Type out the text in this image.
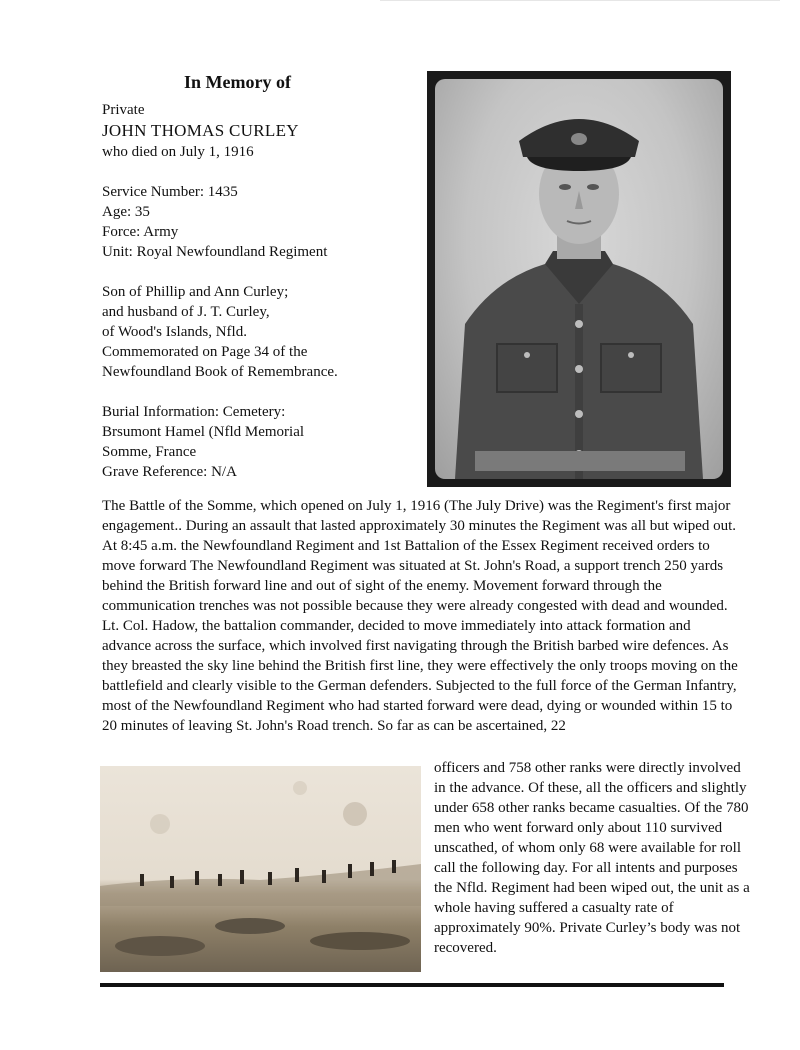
In Memory of
Private
JOHN THOMAS CURLEY
who died on July 1, 1916
Service Number: 1435
Age: 35
Force: Army
Unit: Royal Newfoundland Regiment
Son of Phillip and Ann Curley;
and husband of J. T. Curley,
of Wood's Islands, Nfld.
Commemorated on Page 34 of the
Newfoundland Book of Remembrance.
Burial Information: Cemetery:
Brsumont Hamel (Nfld Memorial
Somme, France
Grave Reference: N/A

The Battle of the Somme, which opened on July 1, 1916 (The July Drive) was the Regiment's first major engagement.. During an assault that lasted approximately 30 minutes the Regiment was all but wiped out. At 8:45 a.m. the Newfoundland Regiment and 1st Battalion of the Essex Regiment received orders to move forward The Newfoundland Regiment was situated at St. John's Road, a support trench 250 yards behind the British forward line and out of sight of the enemy. Movement forward through the communication trenches was not possible because they were already congested with dead and wounded. Lt. Col. Hadow, the battalion commander, decided to move immediately into attack formation and advance across the surface, which involved first navigating through the British barbed wire defences. As they breasted the sky line behind the British first line, they were effectively the only troops moving on the battlefield and clearly visible to the German defenders. Subjected to the full force of the German Infantry, most of the Newfoundland Regiment who had started forward were dead, dying or wounded within 15 to 20 minutes of leaving St. John's Road trench. So far as can be ascertained, 22

officers and 758 other ranks were directly involved in the advance. Of these, all the officers and slightly under 658 other ranks became casualties. Of the 780 men who went forward only about 110 survived unscathed, of whom only 68 were available for roll call the following day. For all intents and purposes the Nfld. Regiment had been wiped out, the unit as a whole having suffered a casualty rate of approximately 90%. Private Curley’s body was not recovered.
